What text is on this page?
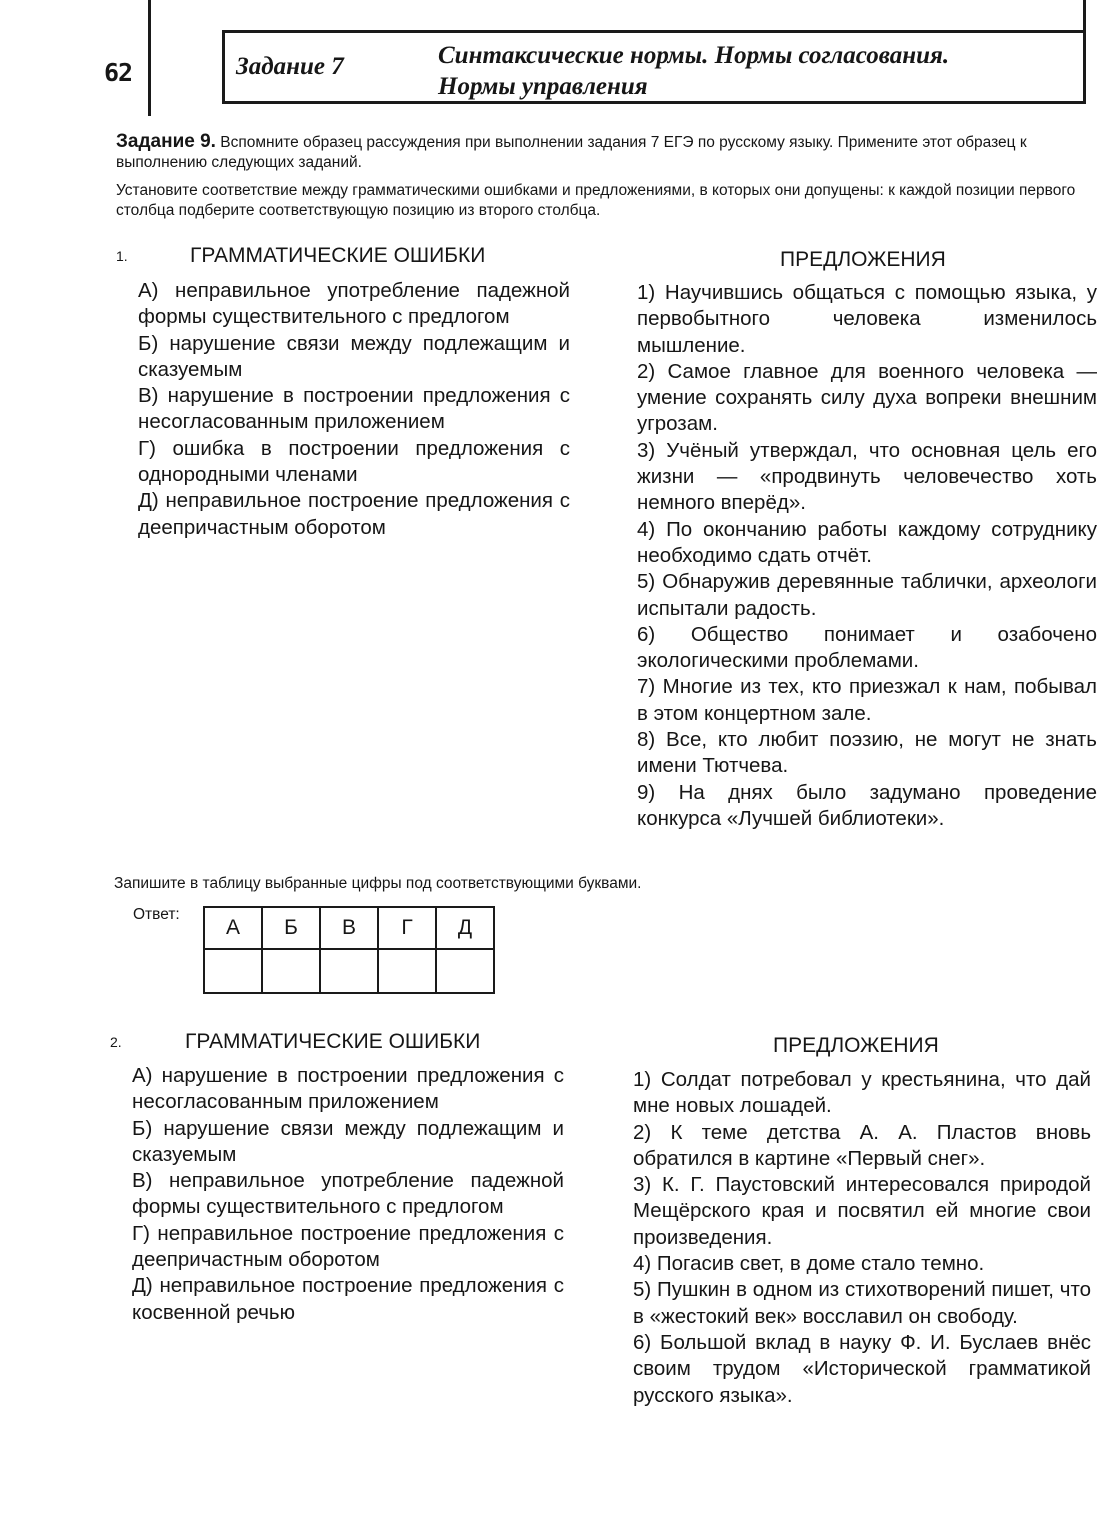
62	Задание 7	Синтаксические нормы. Нормы согласования.
Нормы управления

Задание 9. Вспомните образец рассуждения при выполнении задания 7 ЕГЭ по русскому языку. Примените этот образец к выполнению следующих заданий.

Установите соответствие между грамматическими ошибками и предложениями, в которых они допущены: к каждой позиции первого столбца подберите соответствующую позицию из второго столбца.

1.	ГРАММАТИЧЕСКИЕ ОШИБКИ	ПРЕДЛОЖЕНИЯ

А) неправильное употребление падежной формы существительного с предлогом

Б) нарушение связи между подлежащим и сказуемым

В) нарушение в построении предложения с несогласованным приложением

Г) ошибка в построении предложения с однородными членами

Д) неправильное построение предложения с деепричастным оборотом

1) Научившись общаться с помощью языка, у первобытного человека изменилось мышление.

2) Самое главное для военного человека — умение сохранять силу духа вопреки внешним угрозам.

3) Учёный утверждал, что основная цель его жизни — «продвинуть человечество хоть немного вперёд».

4) По окончанию работы каждому сотруднику необходимо сдать отчёт.

5) Обнаружив деревянные таблички, археологи испытали радость.

6) Общество понимает и озабочено экологическими проблемами.

7) Многие из тех, кто приезжал к нам, побывал в этом концертном зале.

8) Все, кто любит поэзию, не могут не знать имени Тютчева.

9) На днях было задумано проведение конкурса «Лучшей библиотеки».

Запишите в таблицу выбранные цифры под соответствующими буквами.
Ответ:
А	Б	В	Г	Д

2.	ГРАММАТИЧЕСКИЕ ОШИБКИ	ПРЕДЛОЖЕНИЯ

А) нарушение в построении предложения с несогласованным приложением

Б) нарушение связи между подлежащим и сказуемым

В) неправильное употребление падежной формы существительного с предлогом

Г) неправильное построение предложения с деепричастным оборотом

Д) неправильное построение предложения с косвенной речью

1) Солдат потребовал у крестьянина, что дай мне новых лошадей.

2) К теме детства А. А. Пластов вновь обратился в картине «Первый снег».

3) К. Г. Паустовский интересовался природой Мещёрского края и посвятил ей многие свои произведения.

4) Погасив свет, в доме стало темно.

5) Пушкин в одном из стихотворений пишет, что в «жестокий век» восславил он свободу.

6) Большой вклад в науку Ф. И. Буслаев внёс своим трудом «Исторической грамматикой русского языка».
